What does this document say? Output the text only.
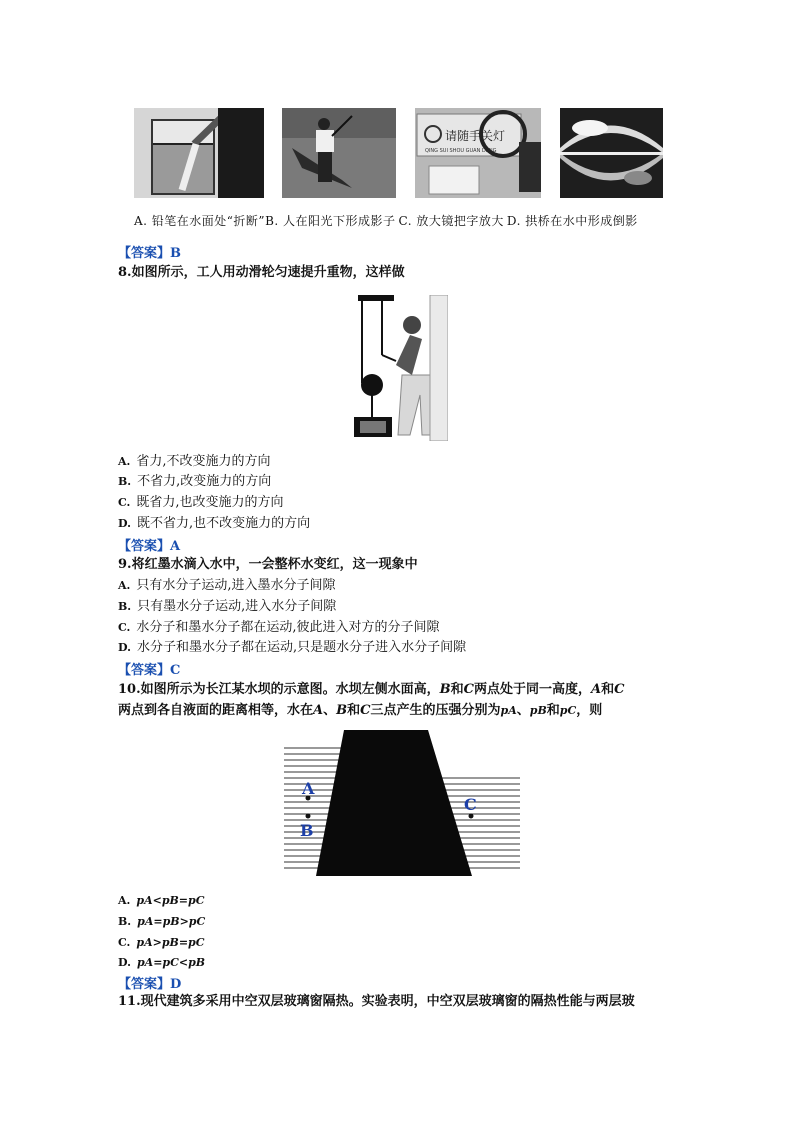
请随手关灯
QING SUI SHOU GUAN DENG
A. 铅笔在水面处“折断”B. 人在阳光下形成影子 C. 放大镜把字放大 D. 拱桥在水中形成倒影
【答案】B
8.如图所示，工人用动滑轮匀速提升重物，这样做
A. 省力,不改变施力的方向
B. 不省力,改变施力的方向
C. 既省力,也改变施力的方向
D. 既不省力,也不改变施力的方向
【答案】A
9.将红墨水滴入水中，一会整杯水变红，这一现象中
A. 只有水分子运动,进入墨水分子间隙
B. 只有墨水分子运动,进入水分子间隙
C. 水分子和墨水分子都在运动,彼此进入对方的分子间隙
D. 水分子和墨水分子都在运动,只是题水分子进入水分子间隙
【答案】C
10.如图所示为长江某水坝的示意图。水坝左侧水面高，B和C两点处于同一高度，A和C
两点到各自液面的距离相等，水在A、B和C三点产生的压强分别为pA、pB和pC，则
A
B
C
A. pA<pB=pC
B. pA=pB>pC
C. pA>pB=pC
D. pA=pC<pB
【答案】D
11.现代建筑多采用中空双层玻璃窗隔热。实验表明，中空双层玻璃窗的隔热性能与两层玻
